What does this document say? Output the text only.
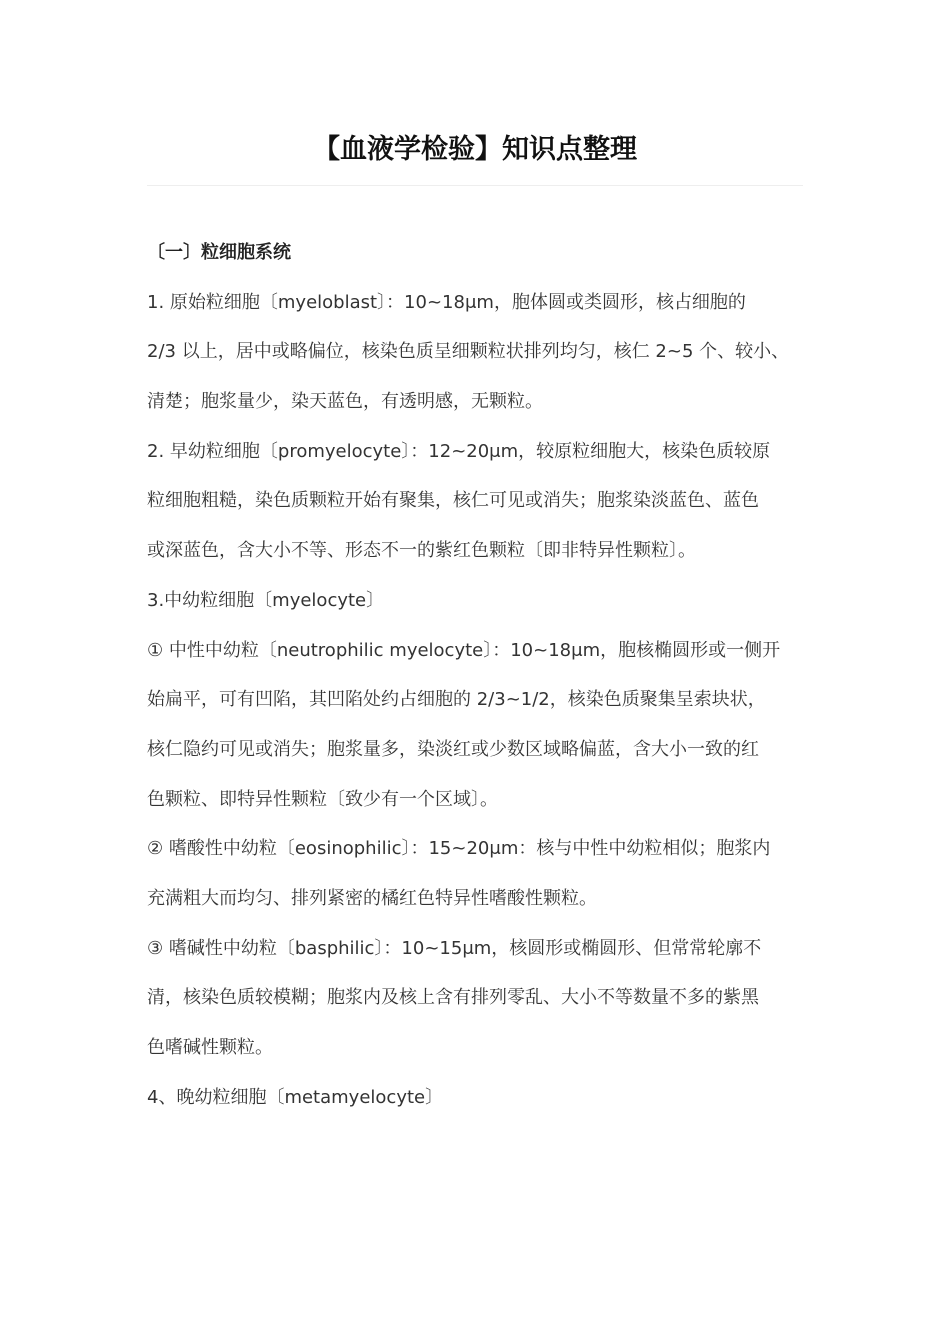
【血液学检验】知识点整理
〔一〕粒细胞系统
1. 原始粒细胞〔myeloblast〕：10~18μm，胞体圆或类圆形，核占细胞的
2/3 以上，居中或略偏位，核染色质呈细颗粒状排列均匀，核仁 2~5 个、较小、
清楚；胞浆量少，染天蓝色，有透明感，无颗粒。
2. 早幼粒细胞〔promyelocyte〕：12~20μm，较原粒细胞大，核染色质较原
粒细胞粗糙，染色质颗粒开始有聚集，核仁可见或消失；胞浆染淡蓝色、蓝色
或深蓝色，含大小不等、形态不一的紫红色颗粒〔即非特异性颗粒〕。
3.中幼粒细胞〔myelocyte〕
① 中性中幼粒〔neutrophilic myelocyte〕：10~18μm，胞核椭圆形或一侧开
始扁平，可有凹陷，其凹陷处约占细胞的 2/3~1/2，核染色质聚集呈索块状，
核仁隐约可见或消失；胞浆量多，染淡红或少数区域略偏蓝，含大小一致的红
色颗粒、即特异性颗粒〔致少有一个区域〕。
② 嗜酸性中幼粒〔eosinophilic〕：15~20μm：核与中性中幼粒相似；胞浆内
充满粗大而均匀、排列紧密的橘红色特异性嗜酸性颗粒。
③ 嗜碱性中幼粒〔basphilic〕：10~15μm，核圆形或椭圆形、但常常轮廓不
清，核染色质较模糊；胞浆内及核上含有排列零乱、大小不等数量不多的紫黑
色嗜碱性颗粒。
4、晚幼粒细胞〔metamyelocyte〕
